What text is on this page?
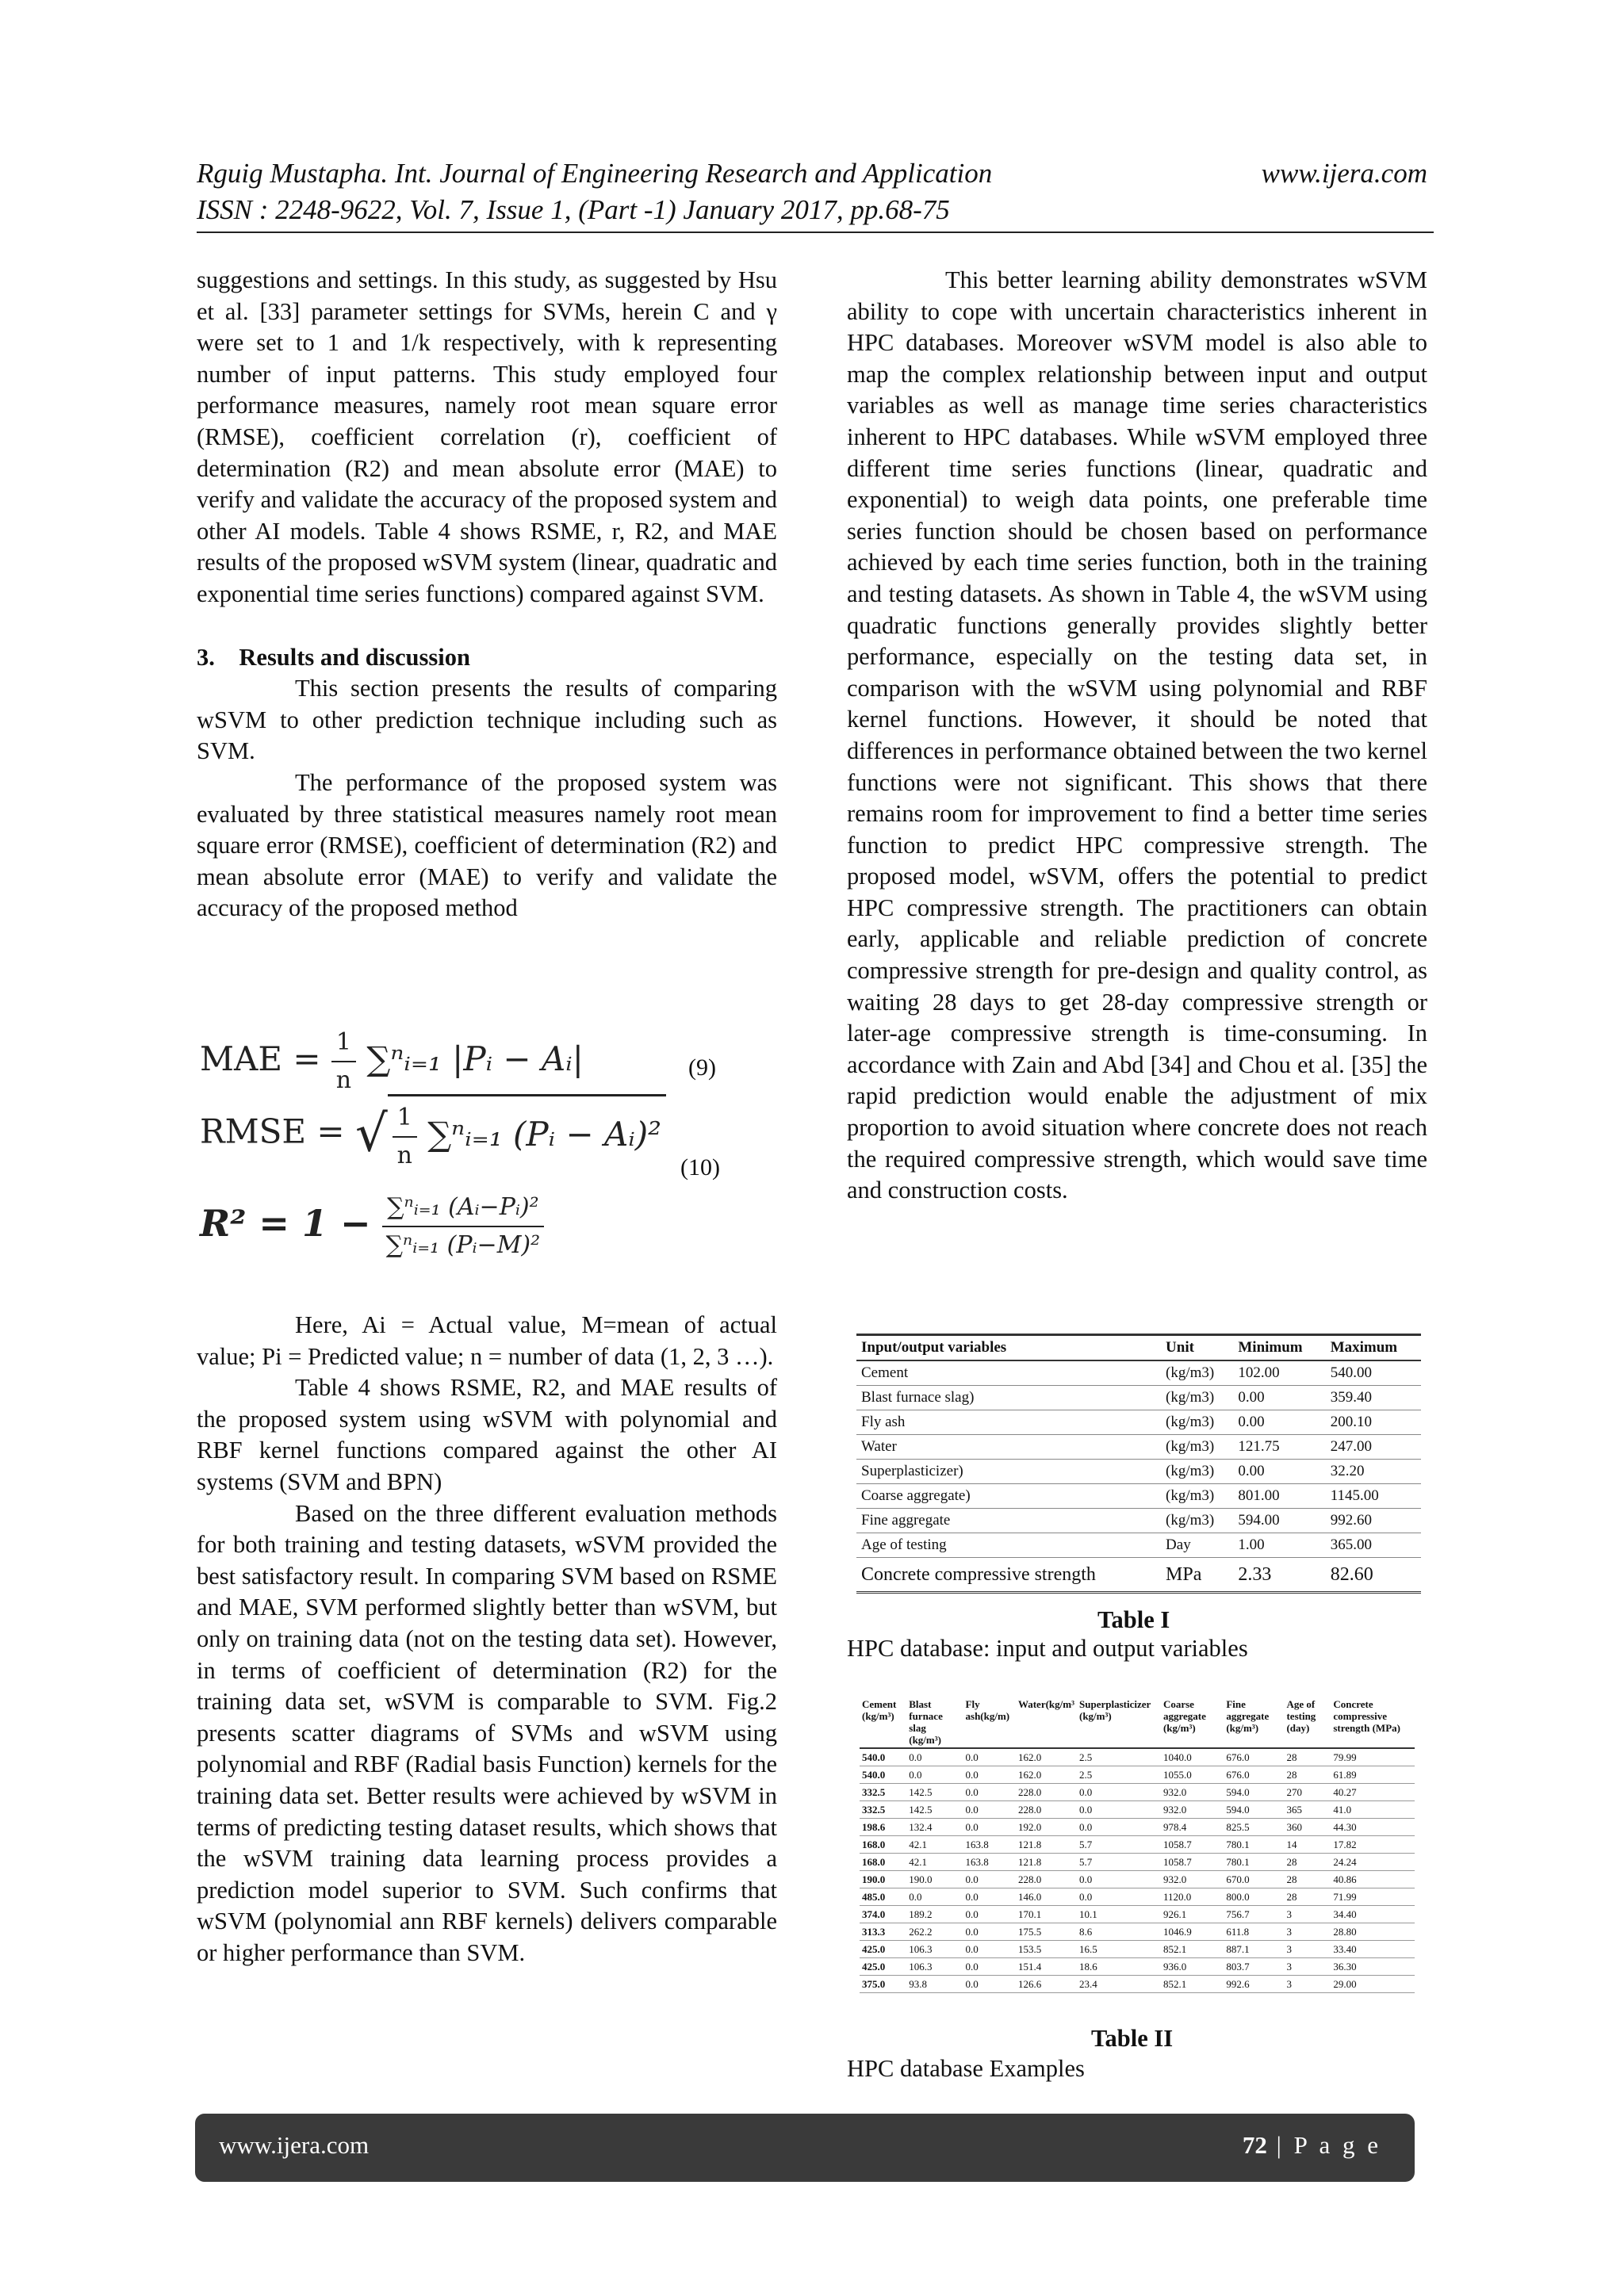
Rguig Mustapha. Int. Journal of Engineering Research and Application	www.ijera.com
ISSN : 2248-9622, Vol. 7, Issue 1, (Part -1) January 2017, pp.68-75

suggestions and settings. In this study, as suggested by Hsu et al. [33] parameter settings for SVMs, herein C and γ were set to 1 and 1/k respectively, with k representing number of input patterns. This study employed four performance measures, namely root mean square error (RMSE), coefficient correlation (r), coefficient of determination (R2) and mean absolute error (MAE) to verify and validate the accuracy of the proposed system and other AI models. Table 4 shows RSME, r, R2, and MAE results of the proposed wSVM system (linear, quadratic and exponential time series functions) compared against SVM.

3.    Results and discussion

This section presents the results of comparing wSVM to other prediction technique including such as SVM.

The performance of the proposed system was evaluated by three statistical measures namely root mean square error (RMSE), coefficient of determination (R2) and mean absolute error (MAE) to verify and validate the accuracy of the proposed method

MAE = $\frac{1}{n}$ ∑ⁿᵢ₌₁ |Pᵢ − Aᵢ|	(9)
RMSE = √ $\frac{1}{n}$ ∑ⁿᵢ₌₁ (Pᵢ − Aᵢ)²
(10)
$R^2 = 1 - \frac{\text{∑ⁿᵢ₌₁ (Aᵢ−Pᵢ)²}}{\text{∑ⁿᵢ₌₁ (Pᵢ−M)²}}$

Here, Ai = Actual value, M=mean of actual value; Pi = Predicted value; n = number of data (1, 2, 3 …).

Table 4 shows RSME, R2, and MAE results of the proposed system using wSVM with polynomial and RBF kernel functions compared against the other AI systems (SVM and BPN)

Based on the three different evaluation methods for both training and testing datasets, wSVM provided the best satisfactory result. In comparing SVM based on RSME and MAE, SVM performed slightly better than wSVM, but only on training data (not on the testing data set). However, in terms of coefficient of determination (R2) for the training data set, wSVM is comparable to SVM. Fig.2 presents scatter diagrams of SVMs and wSVM using polynomial and RBF (Radial basis Function) kernels for the training data set. Better results were achieved by wSVM in terms of predicting testing dataset results, which shows that the wSVM training data learning process provides a prediction model superior to SVM. Such confirms that wSVM (polynomial ann RBF kernels) delivers comparable or higher performance than SVM.

This better learning ability demonstrates wSVM ability to cope with uncertain characteristics inherent in HPC databases. Moreover wSVM model is also able to map the complex relationship between input and output variables as well as manage time series characteristics inherent to HPC databases. While wSVM employed three different time series functions (linear, quadratic and exponential) to weigh data points, one preferable time series function should be chosen based on performance achieved by each time series function, both in the training and testing datasets. As shown in Table 4, the wSVM using quadratic functions generally provides slightly better performance, especially on the testing data set, in comparison with the wSVM using polynomial and RBF kernel functions. However, it should be noted that differences in performance obtained between the two kernel functions were not significant. This shows that there remains room for improvement to find a better time series function to predict HPC compressive strength. The proposed model, wSVM, offers the potential to predict HPC compressive strength. The practitioners can obtain early, applicable and reliable prediction of concrete compressive strength for pre-design and quality control, as waiting 28 days to get 28-day compressive strength or later-age compressive strength is time-consuming. In accordance with Zain and Abd [34] and Chou et al. [35] the rapid prediction would enable the adjustment of mix proportion to avoid situation where concrete does not reach the required compressive strength, which would save time and construction costs.

Input/output variables	Unit	Minimum	Maximum
Cement	(kg/m3)	102.00	540.00
Blast furnace slag)	(kg/m3)	0.00	359.40
Fly ash	(kg/m3)	0.00	200.10
Water	(kg/m3)	121.75	247.00
Superplasticizer)	(kg/m3)	0.00	32.20
Coarse aggregate)	(kg/m3)	801.00	1145.00
Fine aggregate	(kg/m3)	594.00	992.60
Age of testing	Day	1.00	365.00
Concrete compressive strength	MPa	2.33	82.60
Table I
HPC database: input and output variables
Cement (kg/m³)	Blast furnace slag (kg/m³)	Fly ash(kg/m)	Water(kg/m³	Superplasticizer (kg/m³)	Coarse aggregate (kg/m³)	Fine aggregate (kg/m³)	Age of testing (day)	Concrete compressive strength (MPa)
540.0	0.0	0.0	162.0	2.5	1040.0	676.0	28	79.99
540.0	0.0	0.0	162.0	2.5	1055.0	676.0	28	61.89
332.5	142.5	0.0	228.0	0.0	932.0	594.0	270	40.27
332.5	142.5	0.0	228.0	0.0	932.0	594.0	365	41.0
198.6	132.4	0.0	192.0	0.0	978.4	825.5	360	44.30
168.0	42.1	163.8	121.8	5.7	1058.7	780.1	14	17.82
168.0	42.1	163.8	121.8	5.7	1058.7	780.1	28	24.24
190.0	190.0	0.0	228.0	0.0	932.0	670.0	28	40.86
485.0	0.0	0.0	146.0	0.0	1120.0	800.0	28	71.99
374.0	189.2	0.0	170.1	10.1	926.1	756.7	3	34.40
313.3	262.2	0.0	175.5	8.6	1046.9	611.8	3	28.80
425.0	106.3	0.0	153.5	16.5	852.1	887.1	3	33.40
425.0	106.3	0.0	151.4	18.6	936.0	803.7	3	36.30
375.0	93.8	0.0	126.6	23.4	852.1	992.6	3	29.00
Table II
HPC database Examples
www.ijera.com	72 | P a g e
